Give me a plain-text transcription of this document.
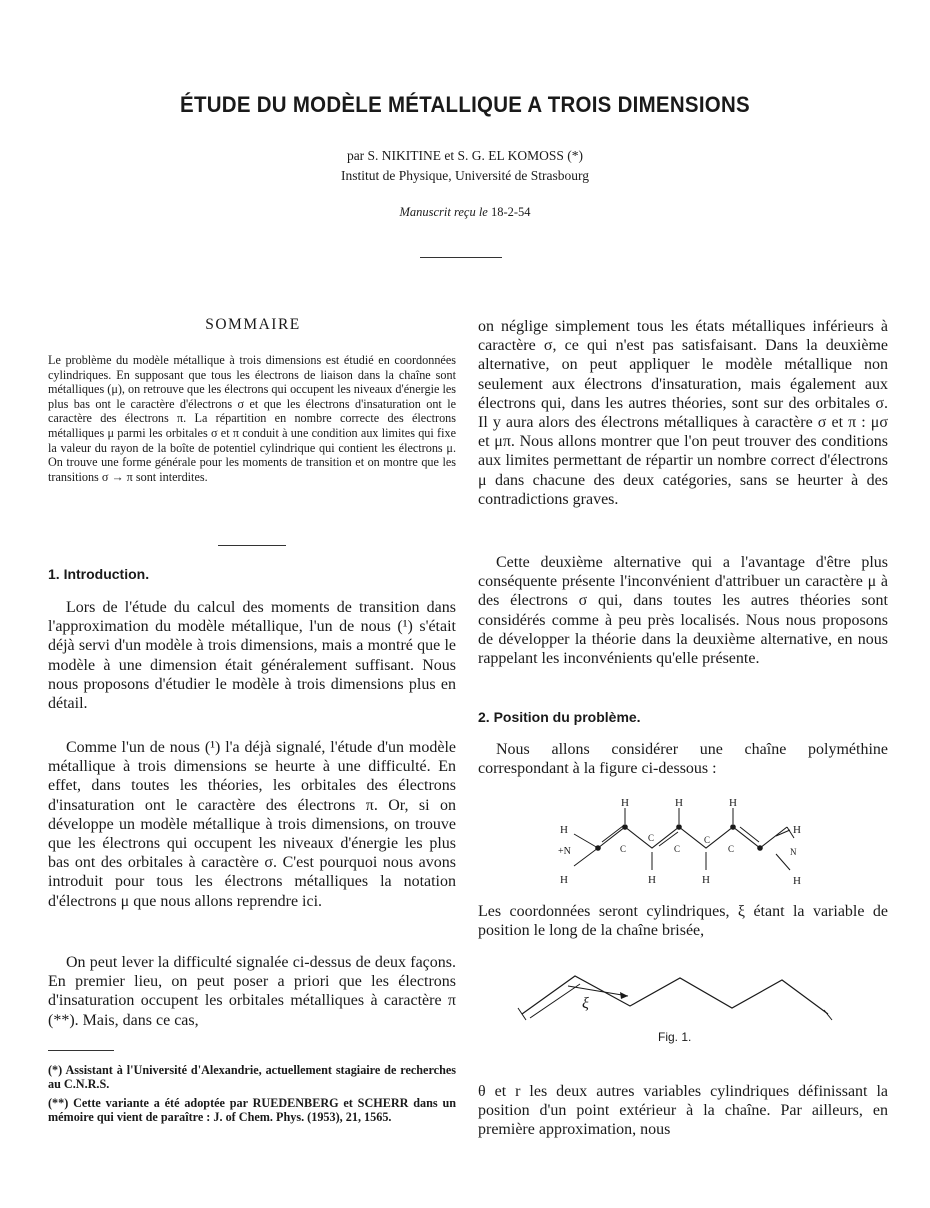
ÉTUDE DU MODÈLE MÉTALLIQUE A TROIS DIMENSIONS
par S. NIKITINE et S. G. EL KOMOSS (*)
Institut de Physique, Université de Strasbourg
Manuscrit reçu le 18-2-54
SOMMAIRE
Le problème du modèle métallique à trois dimensions est étudié en coordonnées cylindriques. En supposant que tous les électrons de liaison dans la chaîne sont métalliques (μ), on retrouve que les électrons qui occupent les niveaux d'énergie les plus bas ont le caractère d'électrons σ et que les électrons d'insaturation ont le caractère des électrons π. La répartition en nombre correcte des électrons métalliques μ parmi les orbitales σ et π conduit à une condition aux limites qui fixe la valeur du rayon de la boîte de potentiel cylindrique qui contient les électrons μ. On trouve une forme générale pour les moments de transition et on montre que les transitions σ → π sont interdites.
1. Introduction.
Lors de l'étude du calcul des moments de transition dans l'approximation du modèle métallique, l'un de nous (¹) s'était déjà servi d'un modèle à trois dimensions, mais a montré que le modèle à une dimension était généralement suffisant. Nous nous proposons d'étudier le modèle à trois dimensions plus en détail.
Comme l'un de nous (¹) l'a déjà signalé, l'étude d'un modèle métallique à trois dimensions se heurte à une difficulté. En effet, dans toutes les théories, les orbitales des électrons d'insaturation ont le caractère des électrons π. Or, si on développe un modèle métallique à trois dimensions, on trouve que les électrons qui occupent les niveaux d'énergie les plus bas ont des orbitales à caractère σ. C'est pourquoi nous avons introduit pour tous les électrons métalliques la notation d'électrons μ que nous allons reprendre ici.
On peut lever la difficulté signalée ci-dessus de deux façons. En premier lieu, on peut poser a priori que les électrons d'insaturation occupent les orbitales métalliques à caractère π (**). Mais, dans ce cas,
(*) Assistant à l'Université d'Alexandrie, actuellement stagiaire de recherches au C.N.R.S.
(**) Cette variante a été adoptée par RUEDENBERG et SCHERR dans un mémoire qui vient de paraître : J. of Chem. Phys. (1953), 21, 1565.
on néglige simplement tous les états métalliques inférieurs à caractère σ, ce qui n'est pas satisfaisant. Dans la deuxième alternative, on peut appliquer le modèle métallique non seulement aux électrons d'insaturation, mais également aux électrons qui, dans les autres théories, sont sur des orbitales σ. Il y aura alors des électrons métalliques à caractère σ et π : μσ et μπ. Nous allons montrer que l'on peut trouver des conditions aux limites permettant de répartir un nombre correct d'électrons μ dans chacune des deux catégories, sans se heurter à des contradictions graves.
Cette deuxième alternative qui a l'avantage d'être plus conséquente présente l'inconvénient d'attribuer un caractère μ à des électrons σ qui, dans toutes les autres théories sont considérés comme à peu près localisés. Nous nous proposons de développer la théorie dans la deuxième alternative, en nous rappelant les inconvénients qu'elle présente.
2. Position du problème.
Nous allons considérer une chaîne polyméthine correspondant à la figure ci-dessous :
H	H	H
H
H	H	H
H
H
+N	N
C
C
C
C
C
Les coordonnées seront cylindriques, ξ étant la variable de position le long de la chaîne brisée,
ξ
Fig. 1.
θ et r les deux autres variables cylindriques définissant la position d'un point extérieur à la chaîne. Par ailleurs, en première approximation, nous
